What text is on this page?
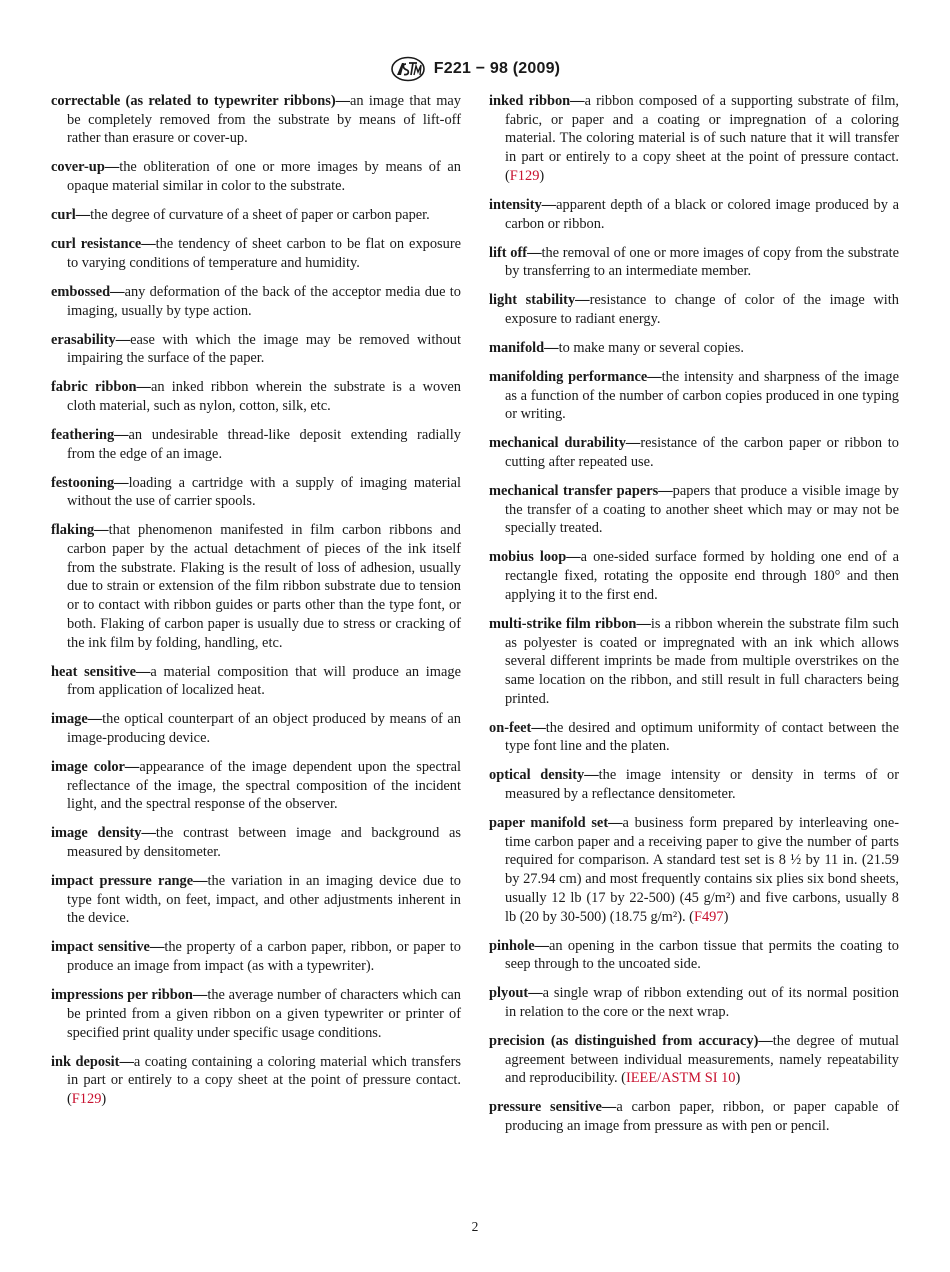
F221 − 98 (2009)

correctable (as related to typewriter ribbons)—an image that may be completely removed from the substrate by means of lift-off rather than erasure or cover-up.

cover-up—the obliteration of one or more images by means of an opaque material similar in color to the substrate.

curl—the degree of curvature of a sheet of paper or carbon paper.

curl resistance—the tendency of sheet carbon to be flat on exposure to varying conditions of temperature and humidity.

embossed—any deformation of the back of the acceptor media due to imaging, usually by type action.

erasability—ease with which the image may be removed without impairing the surface of the paper.

fabric ribbon—an inked ribbon wherein the substrate is a woven cloth material, such as nylon, cotton, silk, etc.

feathering—an undesirable thread-like deposit extending radially from the edge of an image.

festooning—loading a cartridge with a supply of imaging material without the use of carrier spools.

flaking—that phenomenon manifested in film carbon ribbons and carbon paper by the actual detachment of pieces of the ink itself from the substrate. Flaking is the result of loss of adhesion, usually due to strain or extension of the film ribbon substrate due to tension or to contact with ribbon guides or parts other than the type font, or both. Flaking of carbon paper is usually due to stress or cracking of the ink film by folding, handling, etc.

heat sensitive—a material composition that will produce an image from application of localized heat.

image—the optical counterpart of an object produced by means of an image-producing device.

image color—appearance of the image dependent upon the spectral reflectance of the image, the spectral composition of the incident light, and the spectral response of the observer.

image density—the contrast between image and background as measured by densitometer.

impact pressure range—the variation in an imaging device due to type font width, on feet, impact, and other adjustments inherent in the device.

impact sensitive—the property of a carbon paper, ribbon, or paper to produce an image from impact (as with a typewriter).

impressions per ribbon—the average number of characters which can be printed from a given ribbon on a given typewriter or printer of specified print quality under specific usage conditions.

ink deposit—a coating containing a coloring material which transfers in part or entirely to a copy sheet at the point of pressure contact. (F129)

inked ribbon—a ribbon composed of a supporting substrate of film, fabric, or paper and a coating or impregnation of a coloring material. The coloring material is of such nature that it will transfer in part or entirely to a copy sheet at the point of pressure contact. (F129)

intensity—apparent depth of a black or colored image produced by a carbon or ribbon.

lift off—the removal of one or more images of copy from the substrate by transferring to an intermediate member.

light stability—resistance to change of color of the image with exposure to radiant energy.

manifold—to make many or several copies.

manifolding performance—the intensity and sharpness of the image as a function of the number of carbon copies produced in one typing or writing.

mechanical durability—resistance of the carbon paper or ribbon to cutting after repeated use.

mechanical transfer papers—papers that produce a visible image by the transfer of a coating to another sheet which may or may not be specially treated.

mobius loop—a one-sided surface formed by holding one end of a rectangle fixed, rotating the opposite end through 180° and then applying it to the first end.

multi-strike film ribbon—is a ribbon wherein the substrate film such as polyester is coated or impregnated with an ink which allows several different imprints be made from multiple overstrikes on the same location on the ribbon, and still result in full characters being printed.

on-feet—the desired and optimum uniformity of contact between the type font line and the platen.

optical density—the image intensity or density in terms of or measured by a reflectance densitometer.

paper manifold set—a business form prepared by interleaving one-time carbon paper and a receiving paper to give the number of parts required for comparison. A standard test set is 8 ½ by 11 in. (21.59 by 27.94 cm) and most frequently contains six plies six bond sheets, usually 12 lb (17 by 22-500) (45 g/m²) and five carbons, usually 8 lb (20 by 30-500) (18.75 g/m²). (F497)

pinhole—an opening in the carbon tissue that permits the coating to seep through to the uncoated side.

plyout—a single wrap of ribbon extending out of its normal position in relation to the core or the next wrap.

precision (as distinguished from accuracy)—the degree of mutual agreement between individual measurements, namely repeatability and reproducibility. (IEEE/ASTM SI 10)

pressure sensitive—a carbon paper, ribbon, or paper capable of producing an image from pressure as with pen or pencil.

2
